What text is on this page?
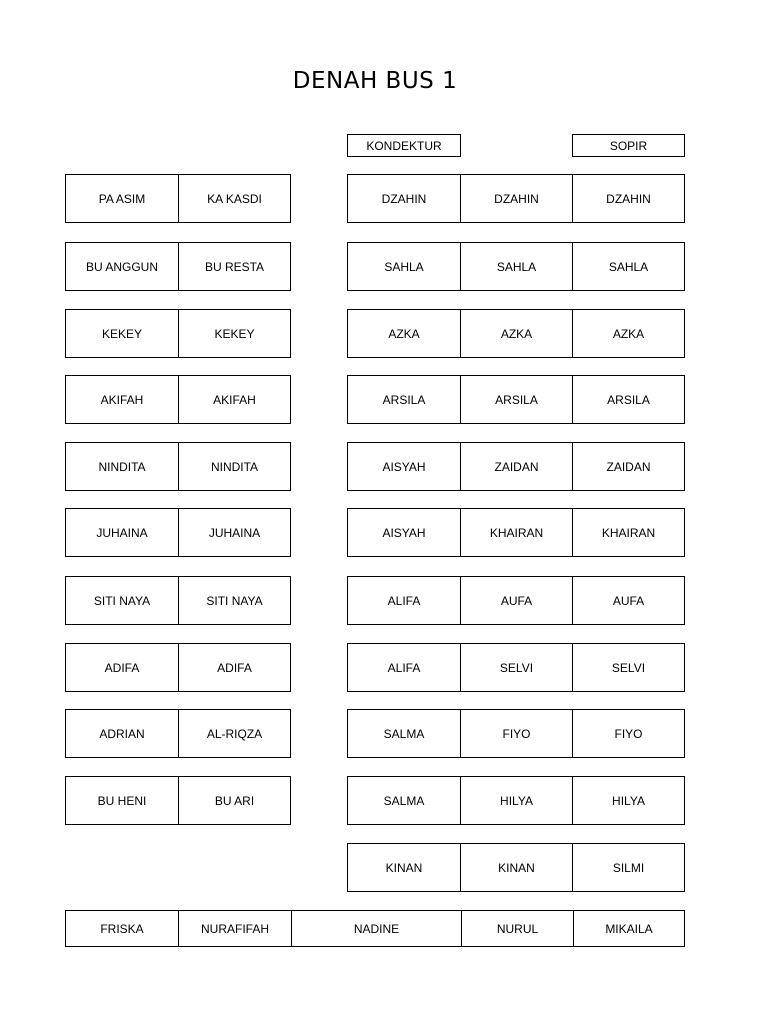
DENAH BUS 1
KONDEKTUR	SOPIR
PA ASIM	KA KASDI
BU ANGGUN	BU RESTA
KEKEY	KEKEY
AKIFAH	AKIFAH
NINDITA	NINDITA
JUHAINA	JUHAINA
SITI NAYA	SITI NAYA
ADIFA	ADIFA
ADRIAN	AL-RIQZA
BU HENI	BU ARI
DZAHIN	DZAHIN	DZAHIN
SAHLA	SAHLA	SAHLA
AZKA	AZKA	AZKA
ARSILA	ARSILA	ARSILA
AISYAH	ZAIDAN	ZAIDAN
AISYAH	KHAIRAN	KHAIRAN
ALIFA	AUFA	AUFA
ALIFA	SELVI	SELVI
SALMA	FIYO	FIYO
SALMA	HILYA	HILYA
KINAN	KINAN	SILMI
FRISKA	NURAFIFAH	NADINE	NURUL	MIKAILA
